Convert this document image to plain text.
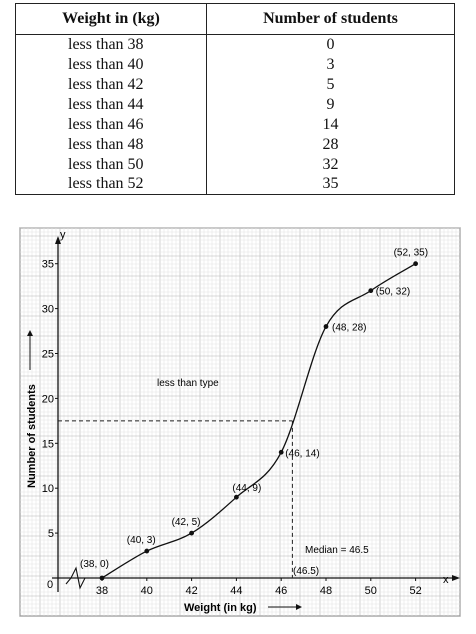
Weight in (kg)	Number of students
less than 38	0
less than 40	3
less than 42	5
less than 44	9
less than 46	14
less than 48	28
less than 50	32
less than 52	35
x
y
0
Weight (in kg)
Number of students
38	40	42	44	46	48	50	52
5
10
15
20
25
30
35
(38, 0)
(40, 3)
(42, 5)
(44, 9)
(46, 14)
(48, 28)
(50, 32)
(52, 35)
less than type
Median = 46.5
(46.5)
